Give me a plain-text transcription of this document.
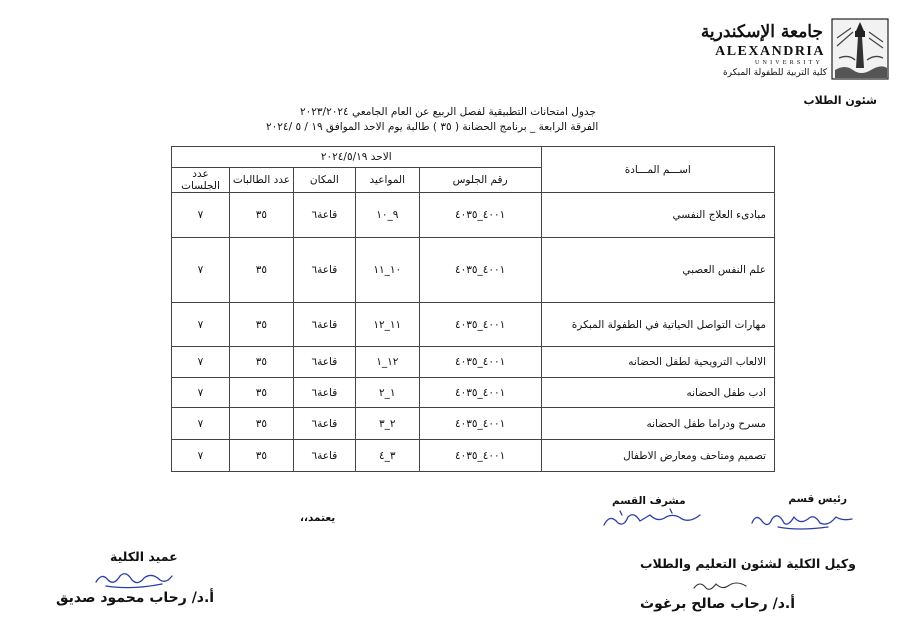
جامعة الإسكندرية
ALEXANDRIA
UNIVERSITY
كلية التربية للطفولة المبكرة
شئون الطلاب
جدول امتحانات التطبيقية لفصل الربيع عن العام الجامعي ٢٠٢٣/٢٠٢٤
الفرقة الرابعة _ برنامج الحضانة ( ٣٥ ) طالبة يوم الاحد الموافق ١٩ / ٥ /٢٠٢٤
اســـم المـــادة	الاحد ٢٠٢٤/٥/١٩				
	رقم الجلوس	المواعيد	المكان	عدد الطالبات	عدد الجلسات
مبادىء العلاج النفسي	٤٠٠١_٤٠٣٥	٩_١٠	قاعة٦	٣٥	٧
علم النفس العصبي	٤٠٠١_٤٠٣٥	١٠_١١	قاعة٦	٣٥	٧
مهارات التواصل الحياتية في الطفولة المبكرة	٤٠٠١_٤٠٣٥	١١_١٢	قاعة٦	٣٥	٧
الالعاب الترويحية لطفل الحضانه	٤٠٠١_٤٠٣٥	١٢_١	قاعة٦	٣٥	٧
ادب طفل الحضانه	٤٠٠١_٤٠٣٥	١_٢	قاعة٦	٣٥	٧
مسرح ودراما طفل الحضانه	٤٠٠١_٤٠٣٥	٢_٣	قاعة٦	٣٥	٧
تصميم ومتاحف ومعارض الاطفال	٤٠٠١_٤٠٣٥	٣_٤	قاعة٦	٣٥	٧
رئيس قسم
مشرف القسم
يعتمد،،
وكيل الكلية لشئون التعليم والطلاب
أ.د/ رحاب صالح برغوث
عميد الكلية
أ.د/ رحاب محمود صديق
